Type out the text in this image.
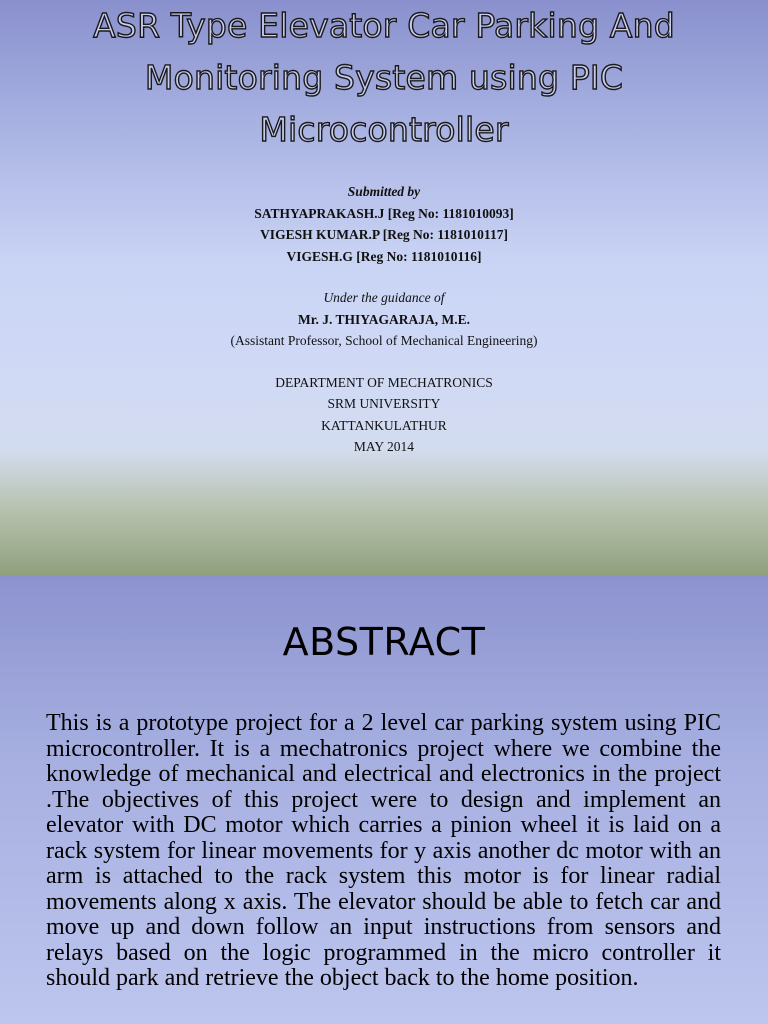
ASR Type Elevator Car Parking And
Monitoring System using PIC
Microcontroller
Submitted by
SATHYAPRAKASH.J [Reg No: 1181010093]
VIGESH KUMAR.P [Reg No: 1181010117]
VIGESH.G [Reg No: 1181010116]
Under the guidance of
Mr. J. THIYAGARAJA, M.E.
(Assistant Professor, School of Mechanical Engineering)
DEPARTMENT OF MECHATRONICS
SRM UNIVERSITY
KATTANKULATHUR
MAY 2014
ABSTRACT
This is a prototype project for a 2 level car parking system using PIC microcontroller. It is a mechatronics project where we combine the knowledge of mechanical and electrical and electronics in the project .The objectives of this project were to design and implement an elevator with DC motor which carries a pinion wheel it is laid on a rack system for linear movements for y axis another dc motor with an arm is attached to the rack system this motor is for linear radial movements along x axis. The elevator should be able to fetch car and move up and down follow an input instructions from sensors and relays based on the logic programmed in the micro controller it should park and retrieve the object back to the home position.
